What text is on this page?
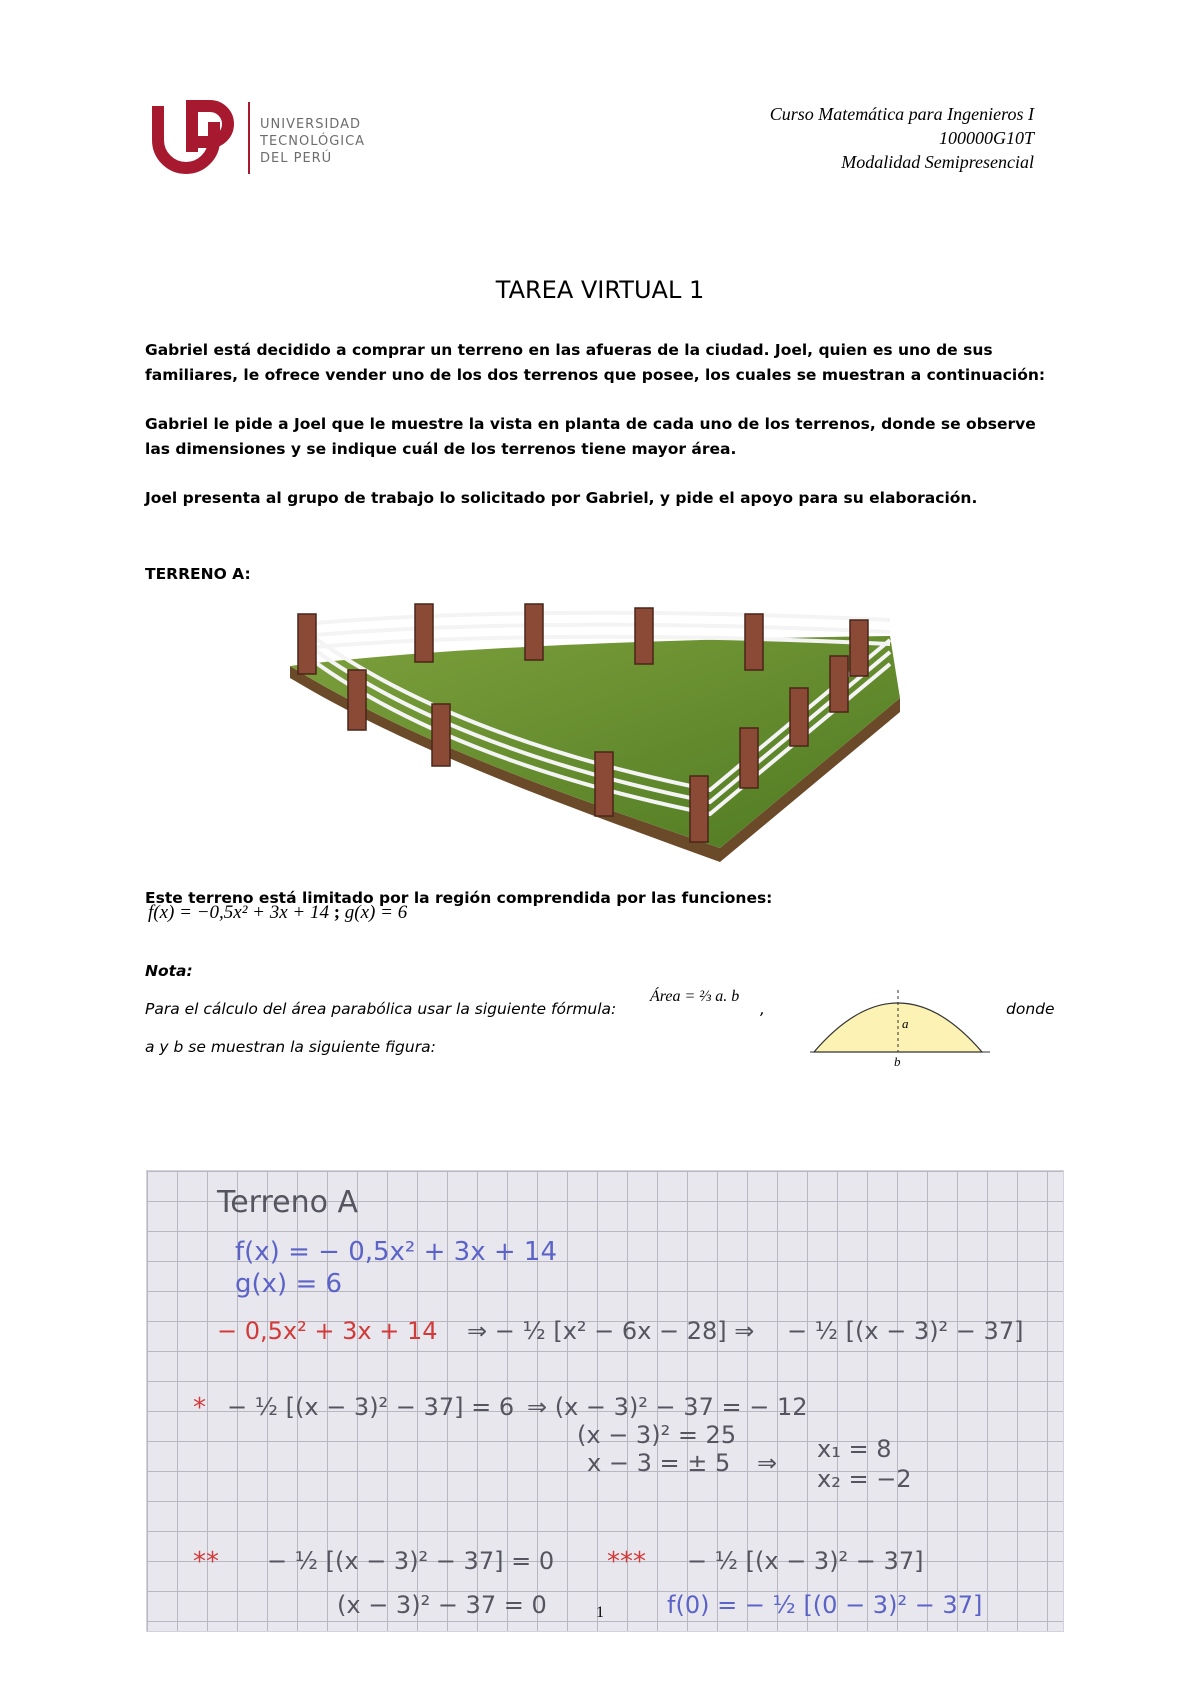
UNIVERSIDAD
TECNOLÓGICA
DEL PERÚ
Curso Matemática para Ingenieros I
100000G10T
Modalidad Semipresencial
TAREA VIRTUAL 1
Gabriel está decidido a comprar un terreno en las afueras de la ciudad. Joel, quien es uno de sus familiares, le ofrece vender uno de los dos terrenos que posee, los cuales se muestran a continuación:
Gabriel le pide a Joel que le muestre la vista en planta de cada uno de los terrenos, donde se observe las dimensiones y se indique cuál de los terrenos tiene mayor área.
Joel presenta al grupo de trabajo lo solicitado por Gabriel, y pide el apoyo para su elaboración.
TERRENO A:
Este terreno está limitado por la región comprendida por las funciones:
f(x) = −0,5x² + 3x + 14 ; g(x) = 6
Nota:
Para el cálculo del área parabólica usar la siguiente fórmula:
Área = ⅔ a. b
,	donde
a y b se muestran la siguiente figura:
a
b
Terreno A
f(x) = − 0,5x² + 3x + 14
g(x) = 6
− 0,5x² + 3x + 14 ⇒ − ½ [x² − 6x − 28] ⇒ − ½ [(x − 3)² − 37]
* − ½ [(x − 3)² − 37] = 6 ⇒ (x − 3)² − 37 = − 12
(x − 3)² = 25
x − 3 = ± 5 ⇒ x₁ = 8
x₂ = −2
** − ½ [(x − 3)² − 37] = 0
(x − 3)² − 37 = 0
*** − ½ [(x − 3)² − 37]
f(0) = − ½ [(0 − 3)² − 37]
1
